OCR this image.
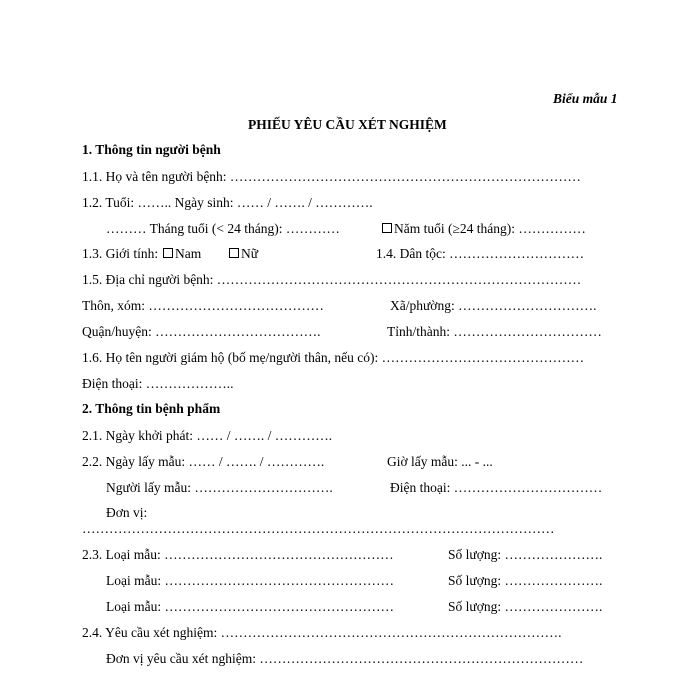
Biểu mẫu 1
PHIẾU YÊU CẦU XÉT NGHIỆM
1. Thông tin người bệnh
1.1. Họ và tên người bệnh: ……………………………………………………………………
1.2. Tuổi: …….. Ngày sinh: …… / ……. / ………….
……… Tháng tuổi (< 24 tháng): …………	Năm tuổi (≥24 tháng): ……………
1.3. Giới tính:	Nam	Nữ	1.4. Dân tộc: …………………………
1.5. Địa chỉ người bệnh: ………………………………………………………………………
Thôn, xóm: …………………………………	Xã/phường: ………………………….
Quận/huyện: ……………………………….	Tỉnh/thành: ……………………………
1.6. Họ tên người giám hộ (bố mẹ/người thân, nếu có): ………………………………………
Điện thoại: ………………..
2. Thông tin bệnh phẩm
2.1. Ngày khởi phát: …… / ……. / ………….
2.2. Ngày lấy mẫu: …… / ……. / ………….	Giờ lấy mẫu: ... - ...
Người lấy mẫu: ………………………….	Điện thoại: ……………………………
Đơn vị:
……………………………………………………………………………………………
2.3. Loại mẫu: ……………………………………………	Số lượng: ………………….
Loại mẫu: ……………………………………………	Số lượng: ………………….
Loại mẫu: ……………………………………………	Số lượng: ………………….
2.4. Yêu cầu xét nghiệm: ………………………………………………………………….
Đơn vị yêu cầu xét nghiệm: ………………………………………………………………
